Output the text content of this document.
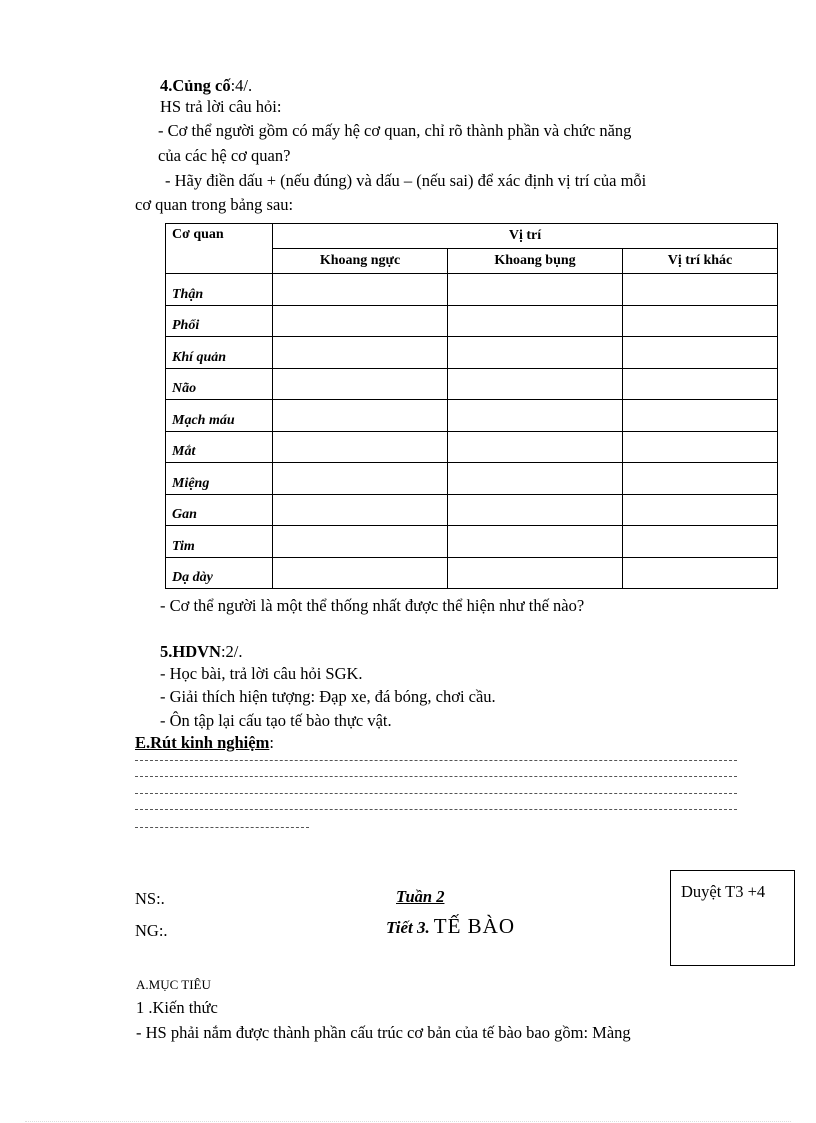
4.Củng cố:4/.
HS trả lời câu hỏi:
- Cơ thể người gồm có mấy hệ cơ quan, chỉ rõ thành phần và chức năng
của các hệ cơ quan?
- Hãy điền dấu + (nếu đúng) và dấu – (nếu sai) để xác định vị trí của mỗi
cơ quan trong bảng sau:
Cơ quan	Vị trí		
	Khoang ngực	Khoang bụng	Vị trí khác
Thận			
Phổi			
Khí quản			
Não			
Mạch máu			
Mắt			
Miệng			
Gan			
Tim			
Dạ dày			
- Cơ thể người là một thể thống nhất được thể hiện như thế nào?
5.HDVN:2/.
- Học bài, trả lời câu hỏi SGK.
- Giải thích hiện tượng: Đạp xe, đá bóng, chơi cầu.
- Ôn tập lại cấu tạo tế bào thực vật.
E.Rút kinh nghiệm:
NS:.
NG:.
Tuần 2
Tiết 3. TẾ BÀO
Duyệt T3 +4
A.MỤC TIÊU
1 .Kiến thức
- HS phải nắm được thành phần cấu trúc cơ bản của tế bào bao gồm: Màng
